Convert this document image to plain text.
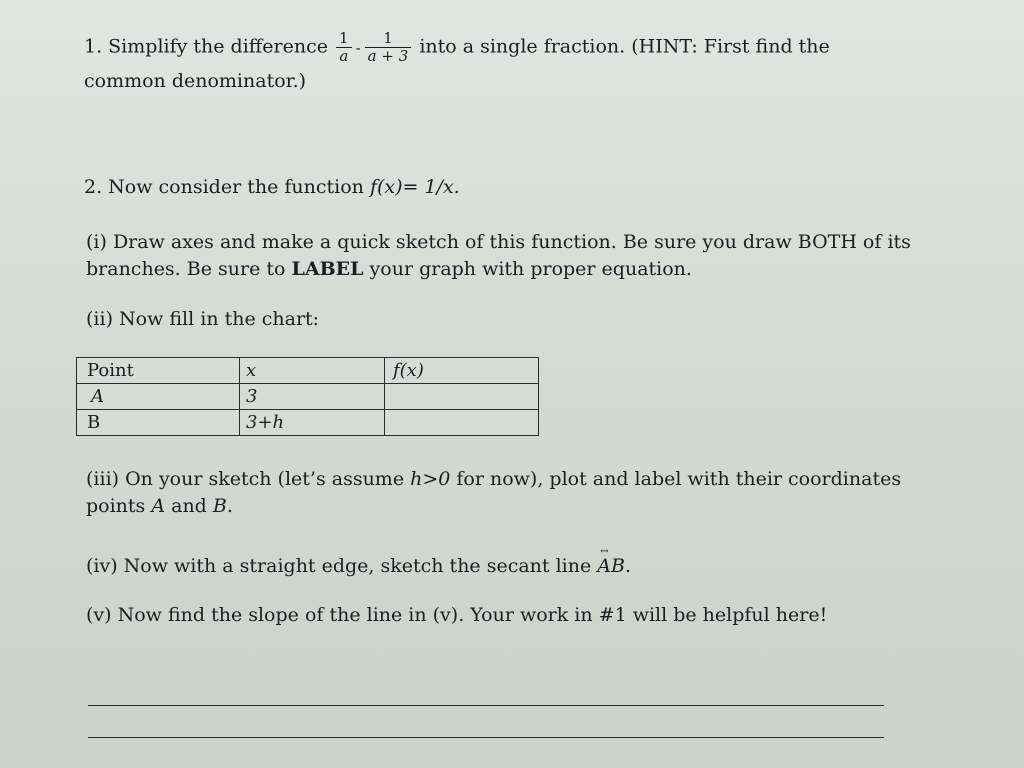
1. Simplify the difference $\frac{1}{a} - \frac{1}{a + 3}$ into a single fraction. (HINT: First find the
common denominator.)
2. Now consider the function f(x)= 1/x.
(i) Draw axes and make a quick sketch of this function. Be sure you draw BOTH of its
branches. Be sure to LABEL your graph with proper equation.
(ii) Now fill in the chart:
Point	x	f(x)
A	3	
B	3+h	
(iii) On your sketch (let’s assume h>0 for now), plot and label with their coordinates
points A and B.
(iv) Now with a straight edge, sketch the secant line
↔
AB.
(v) Now find the slope of the line in (v). Your work in #1 will be helpful here!
